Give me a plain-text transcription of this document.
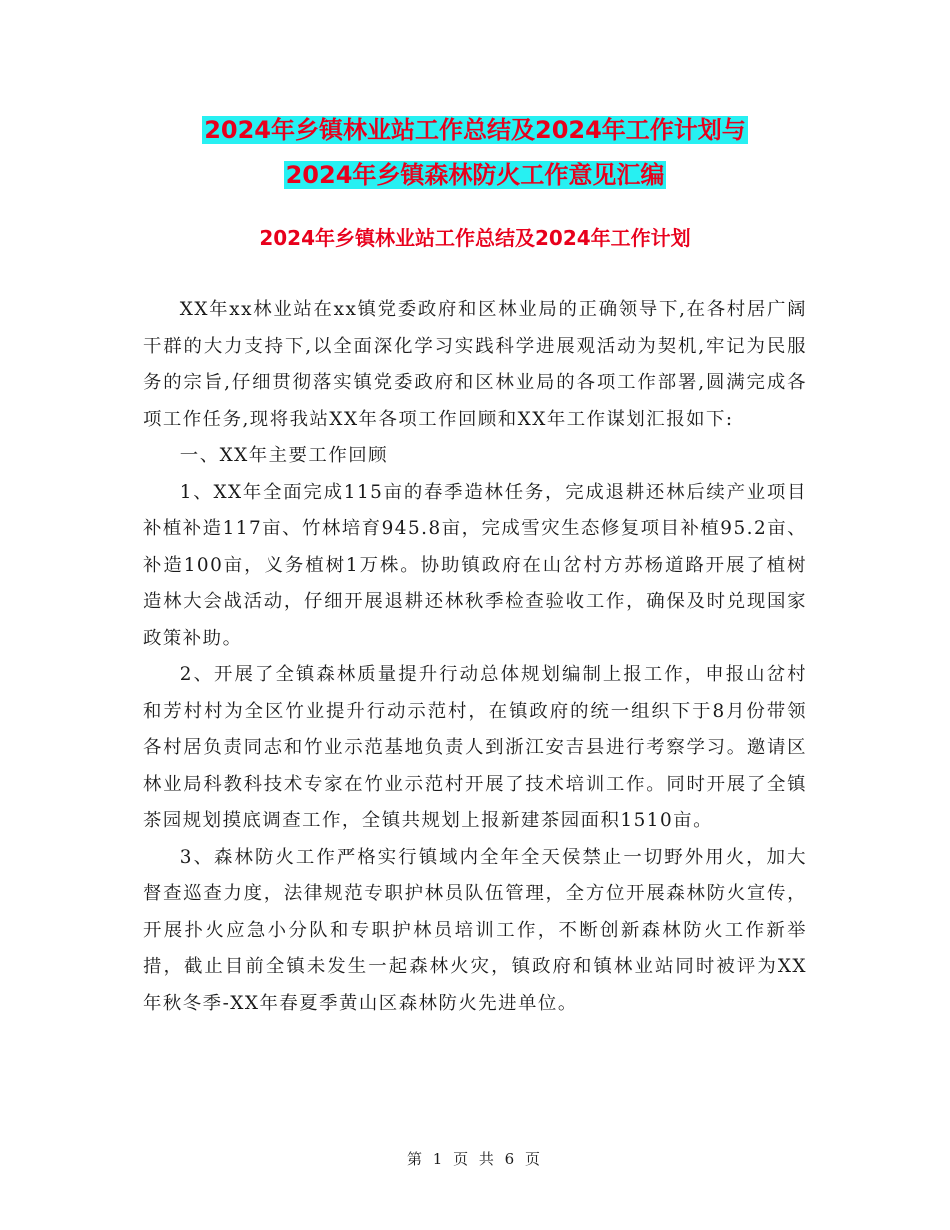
2024年乡镇林业站工作总结及2024年工作计划与
2024年乡镇森林防火工作意见汇编
2024年乡镇林业站工作总结及2024年工作计划

XX年xx林业站在xx镇党委政府和区林业局的正确领导下,在各村居广阔干群的大力支持下,以全面深化学习实践科学进展观活动为契机,牢记为民服务的宗旨,仔细贯彻落实镇党委政府和区林业局的各项工作部署,圆满完成各项工作任务,现将我站XX年各项工作回顾和XX年工作谋划汇报如下:

一、XX年主要工作回顾

1、XX年全面完成115亩的春季造林任务，完成退耕还林后续产业项目补植补造117亩、竹林培育945.8亩，完成雪灾生态修复项目补植95.2亩、补造100亩，义务植树1万株。协助镇政府在山岔村方苏杨道路开展了植树造林大会战活动，仔细开展退耕还林秋季检查验收工作，确保及时兑现国家政策补助。

2、开展了全镇森林质量提升行动总体规划编制上报工作，申报山岔村和芳村村为全区竹业提升行动示范村，在镇政府的统一组织下于8月份带领各村居负责同志和竹业示范基地负责人到浙江安吉县进行考察学习。邀请区林业局科教科技术专家在竹业示范村开展了技术培训工作。同时开展了全镇茶园规划摸底调查工作，全镇共规划上报新建茶园面积1510亩。

3、森林防火工作严格实行镇域内全年全天侯禁止一切野外用火，加大督查巡查力度，法律规范专职护林员队伍管理，全方位开展森林防火宣传，开展扑火应急小分队和专职护林员培训工作，不断创新森林防火工作新举措，截止目前全镇未发生一起森林火灾，镇政府和镇林业站同时被评为XX年秋冬季-XX年春夏季黄山区森林防火先进单位。

第 1 页 共 6 页
